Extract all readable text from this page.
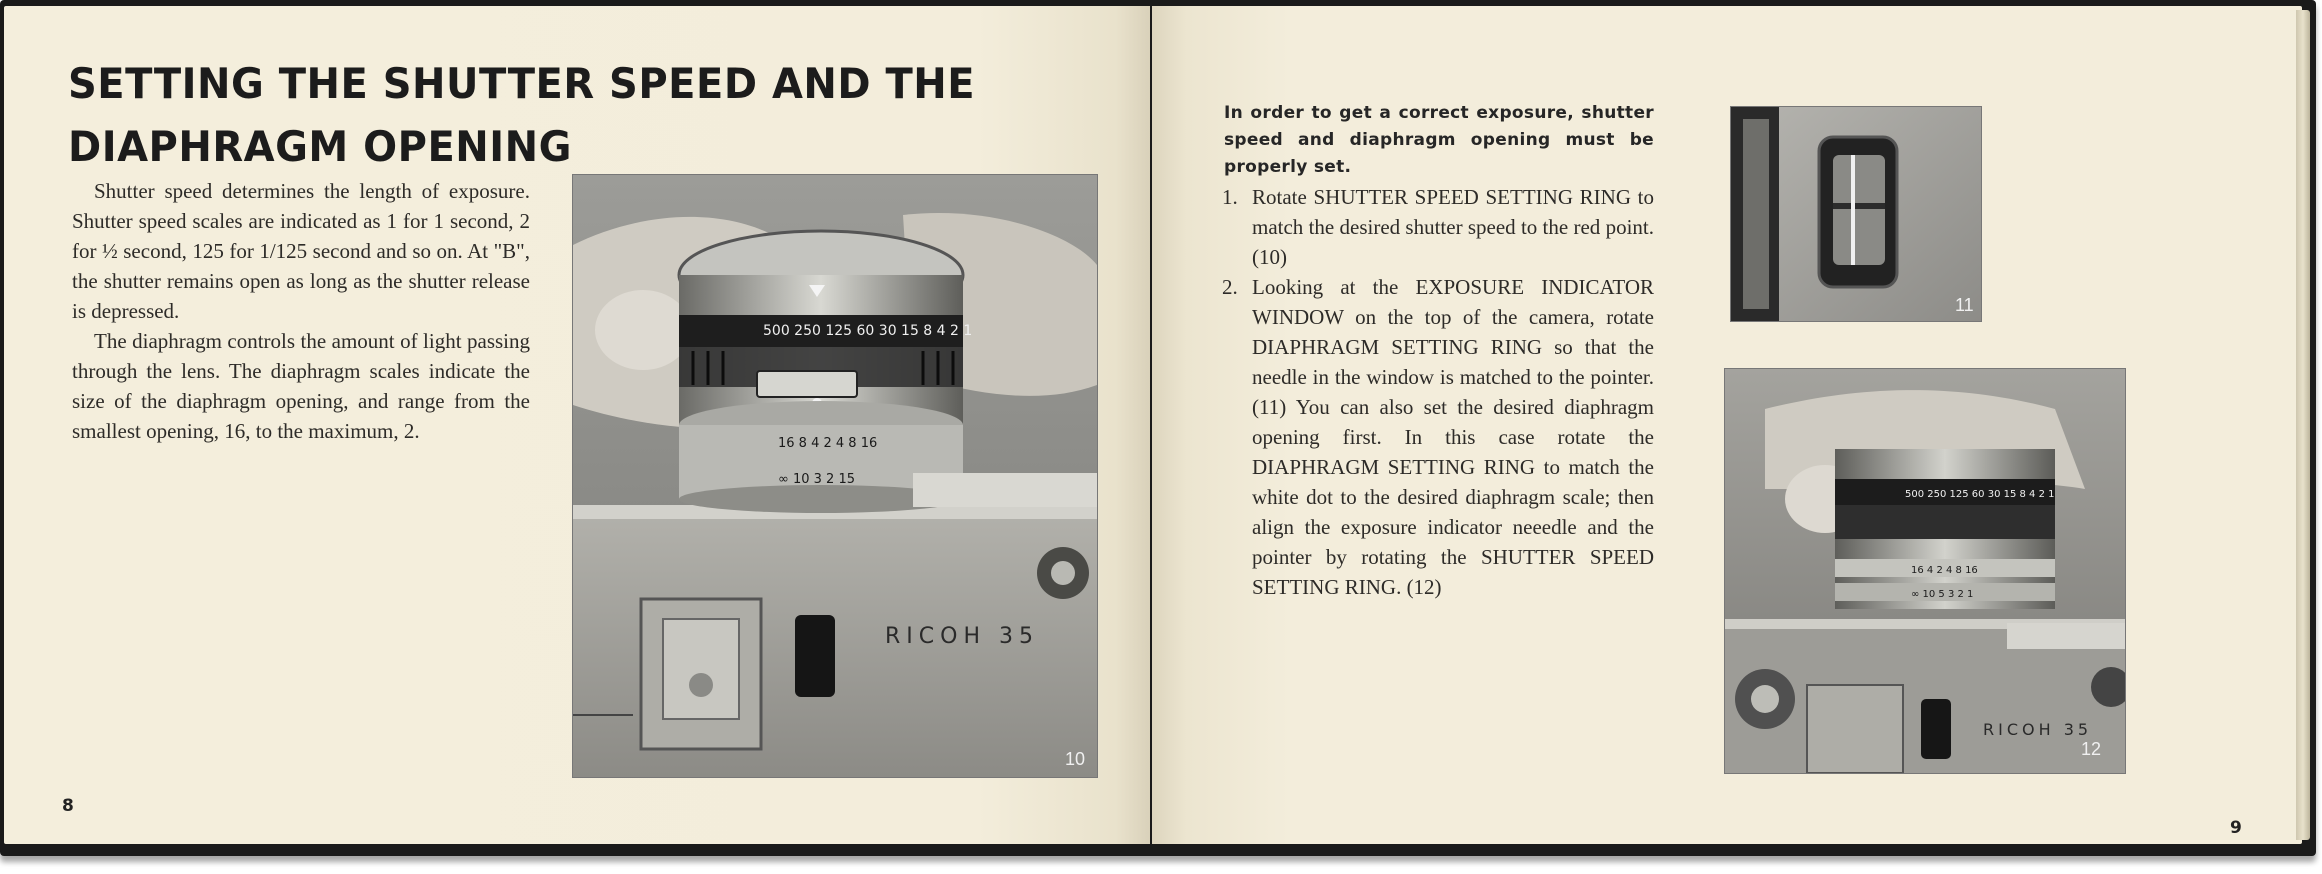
SETTING THE SHUTTER SPEED AND THE DIAPHRAGM OPENING

Shutter speed determines the length of exposure. Shutter speed scales are indicated as 1 for 1 second, 2 for ½ second, 125 for 1/125 second and so on. At "B", the shutter remains open as long as the shutter release is depressed.

The diaphragm controls the amount of light passing through the lens. The diaphragm scales indicate the size of the diaphragm opening, and range from the smallest opening, 16, to the maximum, 2.

500 250 125 60 30 15 8 4 2 1
16 8 4 2 4 8 16
∞ 10 3 2 15
RICOH 35
10
8
In order to get a correct exposure, shutter speed and diaphragm opening must be properly set.
1. Rotate SHUTTER SPEED SETTING RING to match the desired shutter speed to the red point. (10)
2. Looking at the EXPOSURE INDICATOR WINDOW on the top of the camera, rotate DIAPHRAGM SETTING RING so that the needle in the window is matched to the pointer. (11) You can also set the desired diaphragm opening first. In this case rotate the DIAPHRAGM SETTING RING to match the white dot to the desired diaphragm scale; then align the exposure indicator neeedle and the pointer by rotating the SHUTTER SPEED SETTING RING. (12)
11
500 250 125 60 30 15 8 4 2 1
16 4 2 4 8 16
∞ 10 5 3 2 1
RICOH 35
12
9
